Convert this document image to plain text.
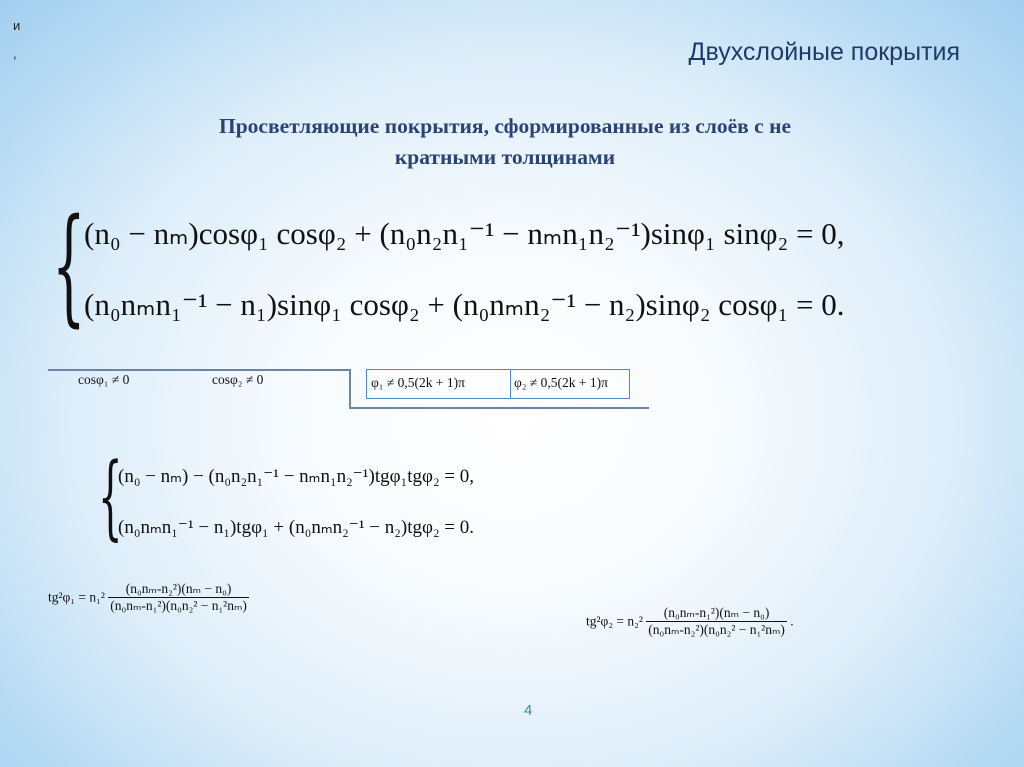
и
,	Двухслойные покрытия
Просветляющие покрытия, сформированные из слоёв с не
кратными толщинами
{
(n₀ − nₘ)cosφ₁ cosφ₂ + (n₀n₂n₁⁻¹ − nₘn₁n₂⁻¹)sinφ₁ sinφ₂ = 0,
(n₀nₘn₁⁻¹ − n₁)sinφ₁ cosφ₂ + (n₀nₘn₂⁻¹ − n₂)sinφ₂ cosφ₁ = 0.
cosφ₁ ≠ 0	cosφ₂ ≠ 0	φ₁ ≠ 0,5(2k + 1)π	φ₂ ≠ 0,5(2k + 1)π
{
(n₀ − nₘ) − (n₀n₂n₁⁻¹ − nₘn₁n₂⁻¹)tgφ₁tgφ₂ = 0,
(n₀nₘn₁⁻¹ − n₁)tgφ₁ + (n₀nₘn₂⁻¹ − n₂)tgφ₂ = 0.
$tg^2\varphi_1 = n_1^2 \frac{\text{(n₀nₘ-n₂²)(nₘ − n₀)}}{\text{(n₀nₘ-n₁²)(n₀n₂² − n₁²nₘ)}}$
$tg^2\varphi_2 = n_2^2 \frac{\text{(n₀nₘ-n₁²)(nₘ − n₀)}}{\text{(n₀nₘ-n₂²)(n₀n₂² − n₁²nₘ)}}$ .
4
